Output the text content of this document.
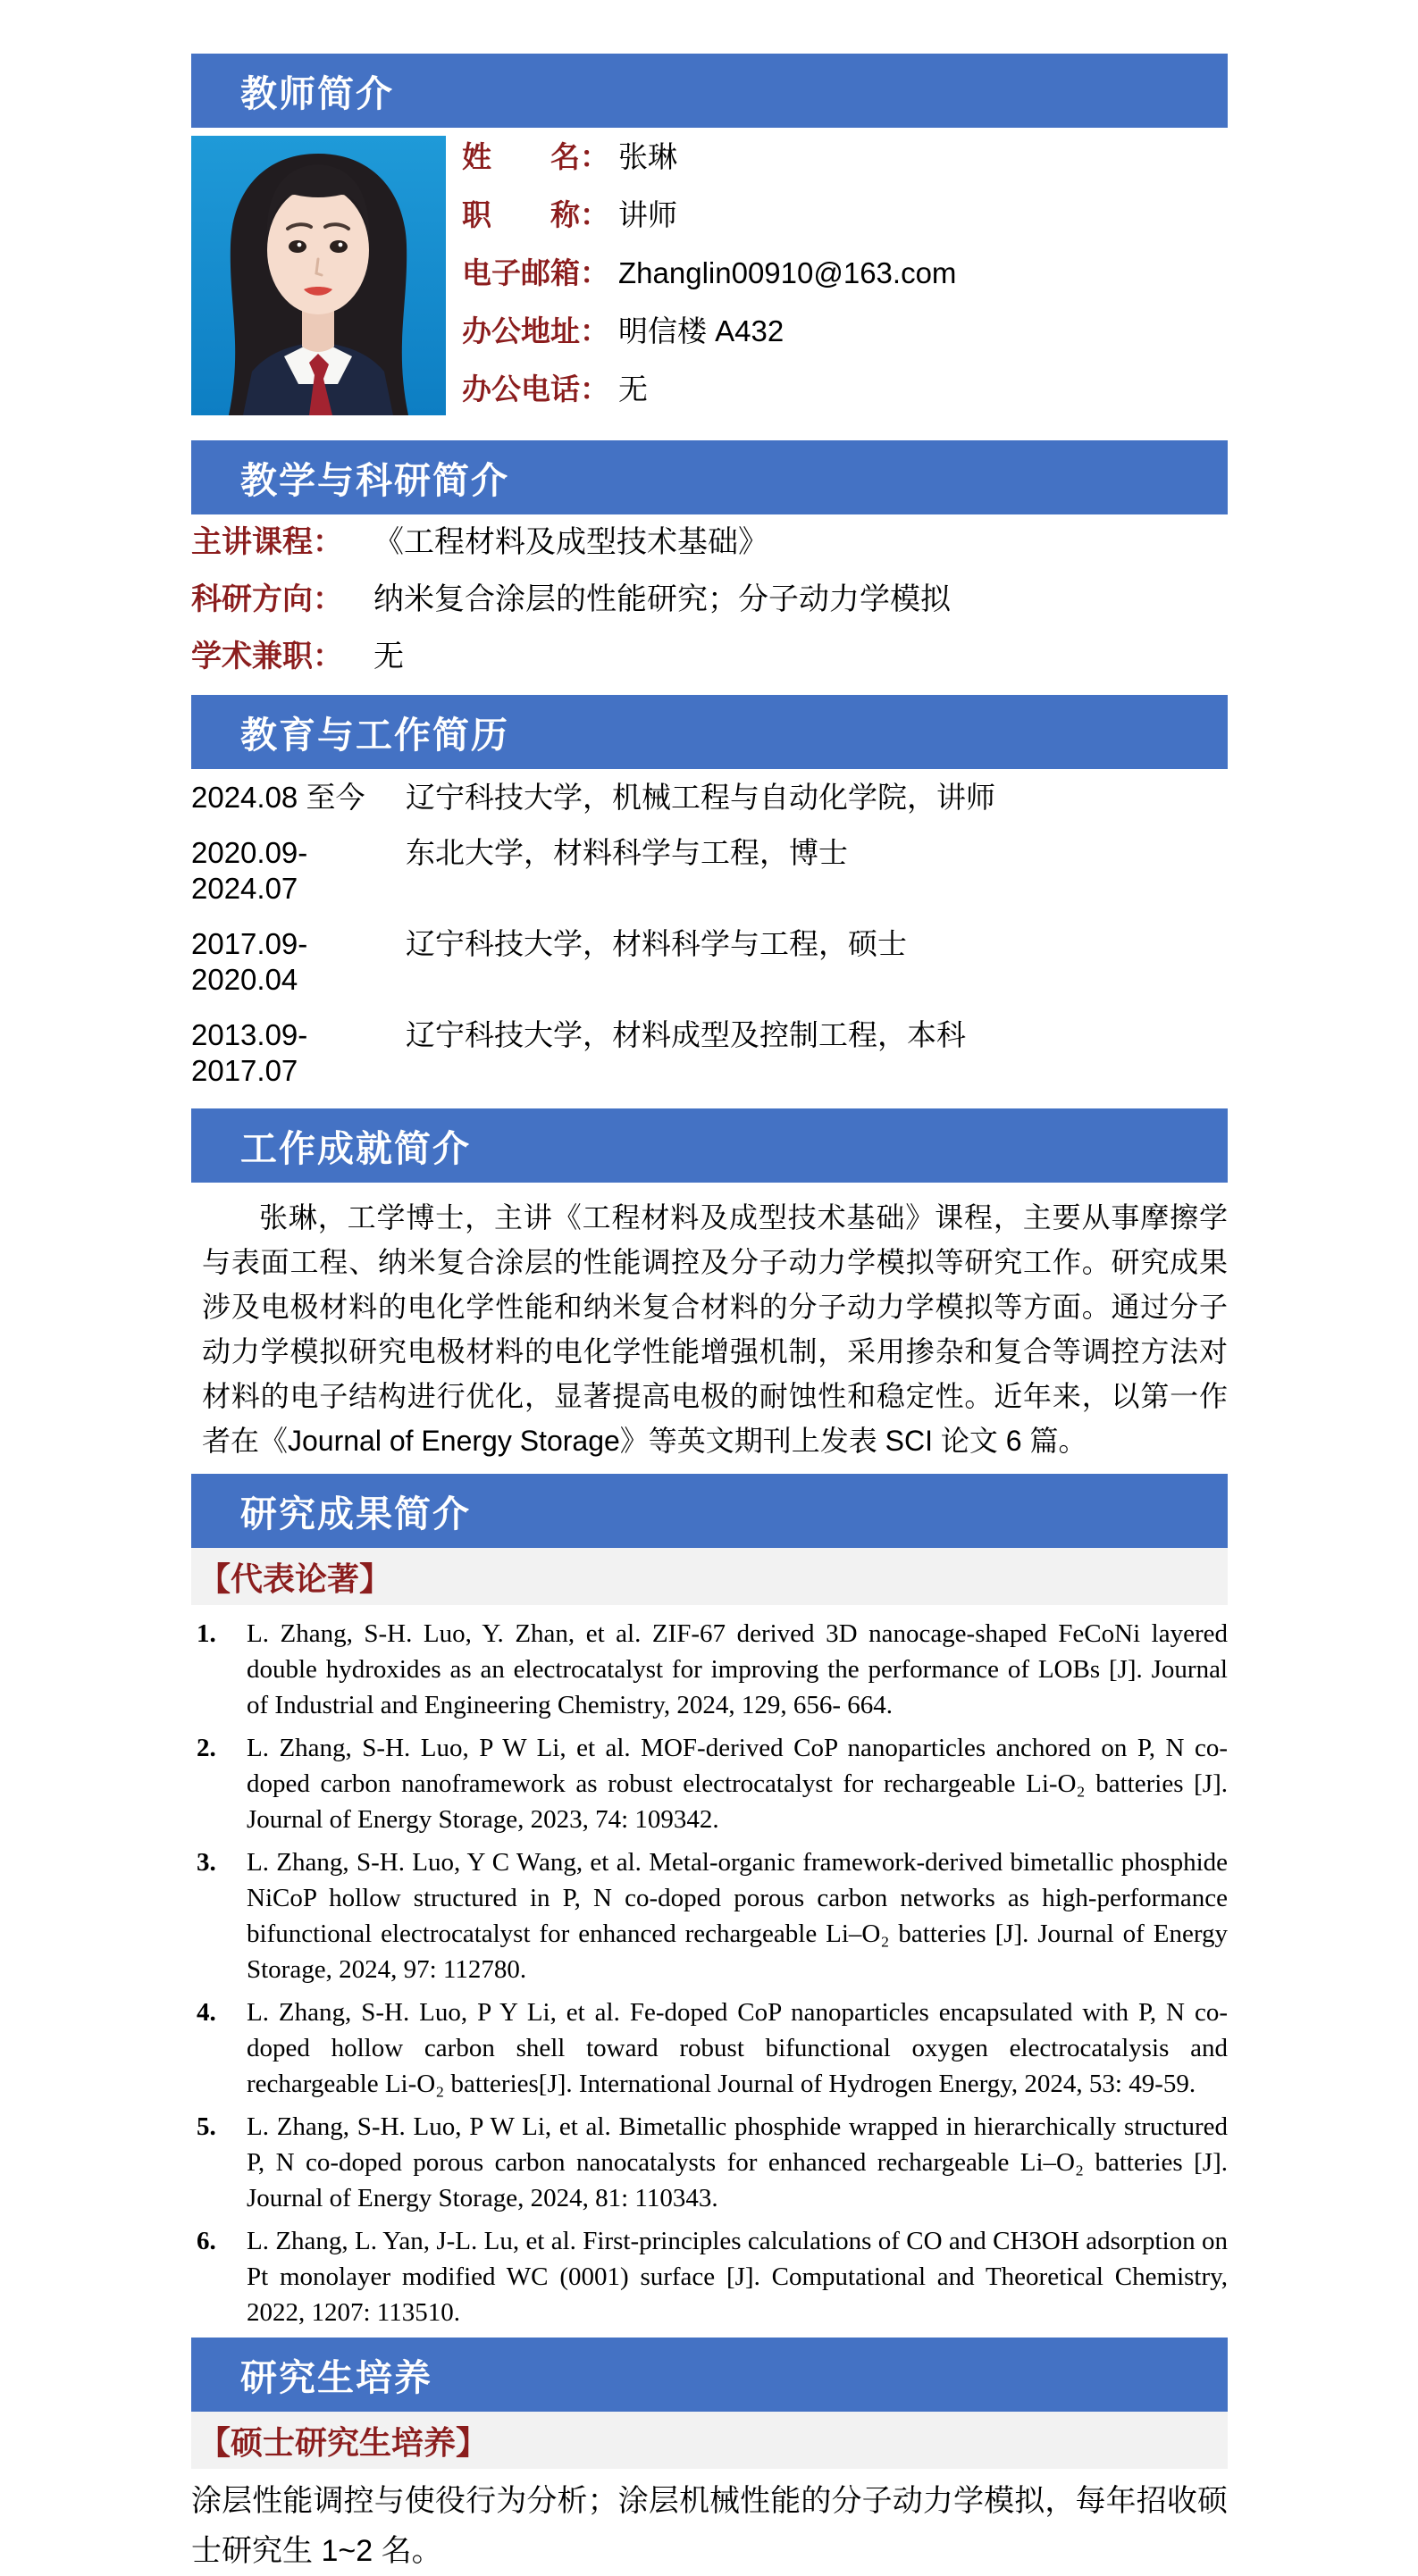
教师简介
姓　　名： 张琳
职　　称： 讲师
电子邮箱： Zhanglin00910@163.com
办公地址： 明信楼 A432
办公电话： 无
教学与科研简介
主讲课程： 《工程材料及成型技术基础》
科研方向： 纳米复合涂层的性能研究；分子动力学模拟
学术兼职： 无
教育与工作简历
2024.08 至今	辽宁科技大学，机械工程与自动化学院，讲师
2020.09-2024.07
东北大学，材料科学与工程，博士
2017.09-2020.04
辽宁科技大学，材料科学与工程，硕士
2013.09-2017.07
辽宁科技大学，材料成型及控制工程，本科
工作成就简介
张琳，工学博士，主讲《工程材料及成型技术基础》课程，主要从事摩擦学与表面工程、纳米复合涂层的性能调控及分子动力学模拟等研究工作。研究成果涉及电极材料的电化学性能和纳米复合材料的分子动力学模拟等方面。通过分子动力学模拟研究电极材料的电化学性能增强机制，采用掺杂和复合等调控方法对材料的电子结构进行优化，显著提高电极的耐蚀性和稳定性。近年来，以第一作者在《Journal of Energy Storage》等英文期刊上发表 SCI 论文 6 篇。
研究成果简介
【代表论著】
1. L. Zhang, S-H. Luo, Y. Zhan, et al. ZIF-67 derived 3D nanocage-shaped FeCoNi layered double hydroxides as an electrocatalyst for improving the performance of LOBs [J]. Journal of Industrial and Engineering Chemistry, 2024, 129, 656- 664.
2. L. Zhang, S-H. Luo, P W Li, et al. MOF-derived CoP nanoparticles anchored on P, N co-doped carbon nanoframework as robust electrocatalyst for rechargeable Li-O₂ batteries [J]. Journal of Energy Storage, 2023, 74: 109342.
3. L. Zhang, S-H. Luo, Y C Wang, et al. Metal-organic framework-derived bimetallic phosphide NiCoP hollow structured in P, N co-doped porous carbon networks as high-performance bifunctional electrocatalyst for enhanced rechargeable Li–O₂ batteries [J]. Journal of Energy Storage, 2024, 97: 112780.
4. L. Zhang, S-H. Luo, P Y Li, et al. Fe-doped CoP nanoparticles encapsulated with P, N co-doped hollow carbon shell toward robust bifunctional oxygen electrocatalysis and rechargeable Li-O₂ batteries[J]. International Journal of Hydrogen Energy, 2024, 53: 49-59.
5. L. Zhang, S-H. Luo, P W Li, et al. Bimetallic phosphide wrapped in hierarchically structured P, N co-doped porous carbon nanocatalysts for enhanced rechargeable Li–O₂ batteries [J]. Journal of Energy Storage, 2024, 81: 110343.
6. L. Zhang, L. Yan, J-L. Lu, et al. First-principles calculations of CO and CH3OH adsorption on Pt monolayer modified WC (0001) surface [J]. Computational and Theoretical Chemistry, 2022, 1207: 113510.
研究生培养
【硕士研究生培养】
涂层性能调控与使役行为分析；涂层机械性能的分子动力学模拟，每年招收硕士研究生 1~2 名。
